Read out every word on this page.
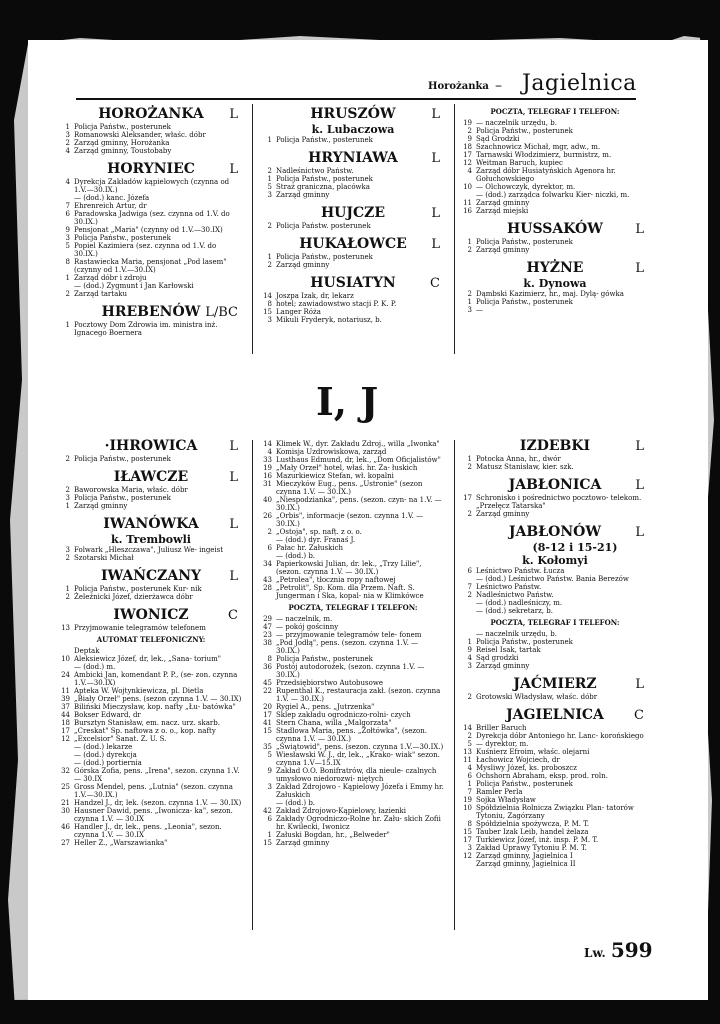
Horożanka – Jagielnica
HOROŻANKA L
1 Policja Państw., posterunek
3 Romanowski Aleksander, właśc. dóbr
2 Zarząd gminny, Horożanka
4 Zarząd gminny, Toustobaby
HORYNIEC	L
4 Dyrekcja Zakładów kąpielowych (czynna od 1.V.—30.IX.)
— (dod.) kanc. Józefa
7 Ehrenreich Artur, dr
6 Paradowska Jadwiga (sez. czynna od 1.V. do 30.IX.)
9 Pensjonat „Maria" (czynny od 1.V.—30.IX)
3 Policja Państw., posterunek
5 Popiel Kazimiera (sez. czynna od 1.V. do 30.IX.)
8 Rastawiecka Maria, pensjonat „Pod lasem" (czynny od 1.V.—30.IX)
1 Zarząd dóbr i zdroju
— (dod.) Zygmunt i Jan Karłowski
2 Zarząd tartaku
HREBENÓW L/BC
1 Pocztowy Dom Zdrowia im. ministra inż. Ignacego Boernera
HRUSZÓW	L
k. Lubaczowa
1 Policja Państw., posterunek
HRYNIAWA	L
2 Nadleśnictwo Państw.
1 Policja Państw., posterunek
5 Straż graniczna, placówka
3 Zarząd gminny
HUJCZE	L
2 Policja Państw. posterunek
HUKAŁOWCE L
1 Policja Państw., posterunek
2 Zarząd gminny
HUSIATYN	C
14 Joszpa Izak, dr, lekarz
8 hotel; zawiadowstwo stacji P. K. P.
15 Langer Róża
3 Mikuli Fryderyk, notariusz, b.
POCZTA, TELEGRAF I TELEFON:
19 — naczelnik urzędu, b.
2 Policja Państw., posterunek
9 Sąd Grodzki
18 Szachnowicz Michał, mgr, adw., m.
17 Tarnawski Włodzimierz, burmistrz, m.
12 Weitman Baruch, kupiec
4 Zarząd dóbr Husiatyńskich Agenora hr. Gołuchowskiego
10 — Olchowczyk, dyrektor, m.
— (dod.) zarządca folwarku Kier- niczki, m.
11 Zarząd gminny
16 Zarząd miejski
HUSSAKÓW L
1 Policja Państw., posterunek
2 Zarząd gminny
HYŻNE	L
k. Dynowa
2 Dąmbski Kazimierz, hr., maj. Dylą- gówka
1 Policja Państw., posterunek
3 —
I, J
·IHROWICA L
2 Policja Państw., posterunek
IŁAWCZE	L
2 Baworowska Maria, właśc. dóbr
3 Policja Państw., posterunek
1 Zarząd gminny
IWANÓWKA L
k. Trembowli
3 Folwark „Hleszczawa", Juliusz We- ingeist
2 Szotarski Michał
IWAŃCZANY L
1 Policja Państw., posterunek Kur- nik
2 Żeleźnicki Józef, dzierżawca dóbr
IWONICZ	C
13 Przyjmowanie telegramów telefonem
AUTOMAT TELEFONICZNY:
Deptak
10 Aleksiewicz Józef, dr, lek., „Sana- torium"
— (dod.) m.
24 Ambicki Jan, komendant P. P., (se- zon. czynna 1.V.—30.IX)
11 Apteka W. Wojtynkiewicza, pl. Dietla
39 „Biały Orzeł" pens. (sezon czynna 1.V. — 30.IX)
37 Biliński Mieczysław, kop. nafty „Łu- batówka"
44 Bokser Edward, dr
18 Bursztyn Stanisław, em. nacz. urz. skarb.
17 „Creskat" Sp. naftowa z o. o., kop. nafty
12 „Excelsior" Sanat. Z. U. S.
— (dod.) lekarze
— (dod.) dyrekcja
— (dod.) portiernia
32 Górska Zofia, pens. „Irena", sezon. czynna 1.V. — 30.IX
25 Gross Mendel, pens. „Lutnia" (sezon. czynna 1.V.—30.IX.)
21 Handzel J., dr, lek. (sezon. czynna 1.V. — 30.IX)
30 Hausner Dawid, pens. „Iwonicza- ka", sezon. czynna 1.V. — 30.IX
46 Handler J., dr, lek., pens. „Leonia", sezon. czynna 1.V. — 30.IX
27 Heller Z., „Warszawianka"
14 Klimek W., dyr. Zakładu Zdroj., willa „Iwonka"
4 Komisja Uzdrowiskowa, zarząd
33 Lusthaus Edmund, dr, lek., „Dom Oficjalistów"
19 „Mały Orzeł" hotel, właś. hr. Za- łuskich
16 Mazurkiewicz Stefan, wł. kopalni
31 Mieczyków Eug., pens. „Ustronie" (sezon czynna 1.V. — 30.IX.)
40 „Niespodzianka", pens. (sezon. czyn- na 1.V. — 30.IX.)
26 „Orbis", informacje (sezon. czynna 1.V. — 30.IX.)
2 „Ostoja", sp. nafț. z o. o.
— (dod.) dyr. Franaś J.
6 Pałac hr. Załuskich
— (dod.) b.
34 Papierkowski Julian, dr. lek., „Trzy Lilie", (sezon. czynna 1.V. — 30.IX.)
43 „Petrolea", tłocznia ropy naftowej
28 „Petrolit", Sp. Kom. dla Przem. Naft. S. Jungerman i Ska, kopal- nia w Klimkówce
POCZTA, TELEGRAF I TELEFON:
29 — naczelnik, m.
47 — pokój gościnny
23 — przyjmowanie telegramów tele- fonem
38 „Pod Jodłą", pens. (sezon. czynna 1.V. — 30.IX.)
8 Policja Państw., posterunek
36 Postój autodorożek, (sezon. czynna 1.V. — 30.IX.)
45 Przedsiębiorstwo Autobusowe
22 Rupenthal K., restauracja zakł. (sezon. czynna 1.V. — 30.IX.)
20 Rygiel A., pens. „Jutrzenka"
17 Sklep zakładu ogrodniczo-rolni- czych
41 Stern Chana, willa „Malgorzata"
15 Stadlowa Maria, pens. „Żołtówka", (sezon. czynna 1.V. — 30.IX.)
35 „Świątowid", pens. (sezon. czynna 1.V.—30.IX.)
5 Wiesławski W. J., dr, lek., „Krako- wiak" sezon. czynna 1.V—15.IX
9 Zakład O.O. Bonifratrów, dla nieule- czalnych umysłowo niedorozwi- niętych
3 Zakład Zdrojowo - Kąpielowy Józefa i Emmy hr. Załuskich
— (dod.) b.
42 Zakład Zdrojowo-Kąpielowy, łazienki
6 Zakłady Ogrodniczo-Rolne hr. Zału- skich Zofii hr. Kwilecki, Iwonicz
1 Załuski Bogdan, hr., „Belweder"
15 Zarząd gminny
IZDEBKI	L
1 Potocka Anna, hr., dwór
2 Matusz Stanisław, kier. szk.
JABŁONICA	L
17 Schronisko i pośrednictwo pocztowo- telekom. „Przełęcz Tatarska"
2 Zarząd gminny
JABŁONÓW	L
(8-12 i 15-21)
k. Kołomyi
6 Leśnictwo Państw. Łucza
— (dod.) Leśnictwo Państw. Bania Berezów
7 Leśnictwo Państw.
2 Nadleśnictwo Państw.
— (dod.) nadleśniczy, m.
— (dod.) sekretarz, b.
POCZTA, TELEGRAF I TELEFON:
— naczelnik urzędu, b.
1 Policja Państw., posterunek
9 Reisel Isak, tartak
4 Sąd grodzki
3 Zarząd gminny
JAĆMIERZ	L
2 Grotowski Władysław, właśc. dóbr
JAGIELNICA C
14 Briller Baruch
2 Dyrekcja dóbr Antoniego hr. Lanc- korońskiego
5 — dyrektor, m.
13 Kuśnierz Efroim, właśc. olejarni
11 Łachowicz Wojciech, dr
4 Mysliwy Józef, ks. proboszcz
6 Ochshorn Abraham, eksp. prod. roln.
1 Policja Państw., posterunek
7 Ramler Perla
19 Sojka Władysław
10 Spółdzielnia Rolnicza Związku Plan- tatorów Tytoniu, Zagórzany
8 Spółdzielnia spożywcza, P. M. T.
15 Tauber Izak Leib, handel żelaza
17 Turkiewicz Józef, inż. insp. P. M. T.
3 Zakład Uprawy Tytoniu P. M. T.
12 Zarząd gminny, Jagielnica I
Zarząd gminny, Jagielnica II
Lw. 599
